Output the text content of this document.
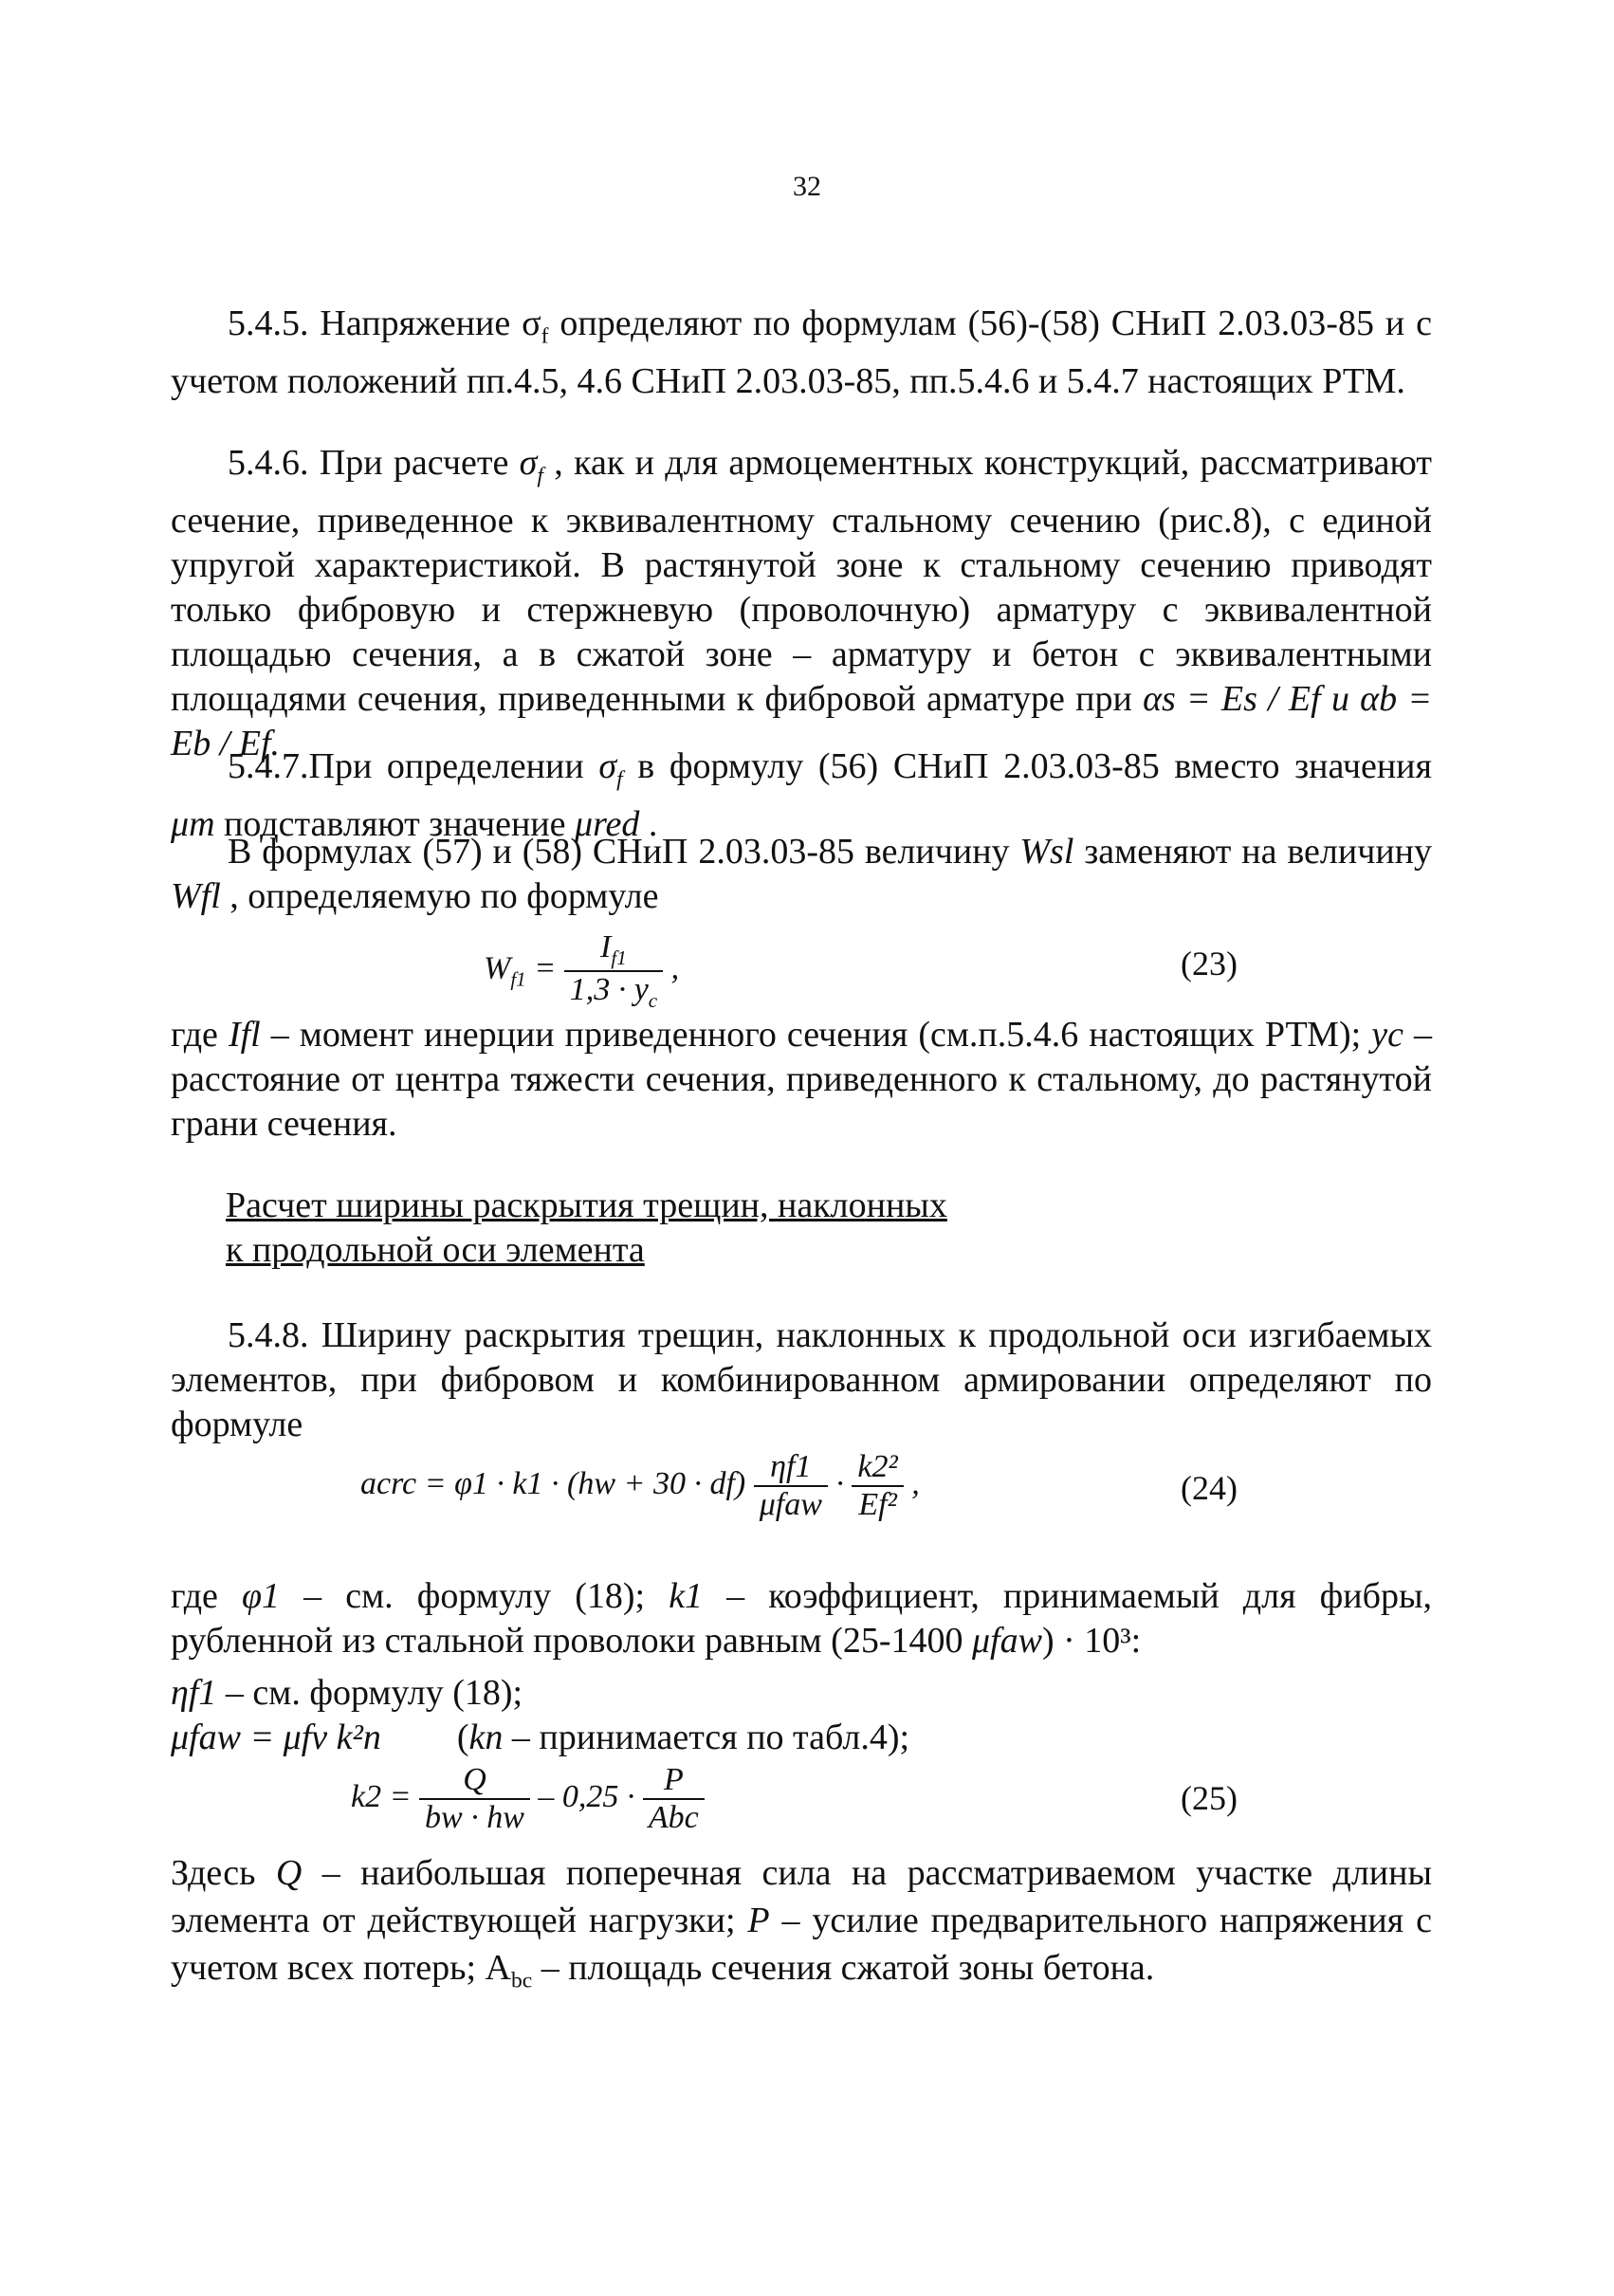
32

5.4.5. Напряжение $\sigma_f$ определяют по формулам (56)-(58) СНиП 2.03.03-85 и с учетом положений пп.4.5, 4.6 СНиП 2.03.03-85, пп.5.4.6 и 5.4.7 настоящих РТМ.

5.4.6. При расчете $\sigma_f$ , как и для армоцементных конструкций, рассматривают сечение, приведенное к эквивалентному стальному сечению (рис.8), с единой упругой характеристикой. В растянутой зоне к стальному сечению приводят только фибровую и стержневую (проволочную) арматуру с эквивалентной площадью сечения, а в сжатой зоне – арматуру и бетон с эквивалентными площадями сечения, приведенными к фибровой арматуре при αs = Es / Ef и αb = Eb / Ef.

5.4.7.При определении $\sigma_f$ в формулу (56) СНиП 2.03.03-85 вместо значения μm подставляют значение μred .

В формулах (57) и (58) СНиП 2.03.03-85 величину Wsl заменяют на величину Wfl , определяемую по формуле

$W_{f1} = \frac{I_{f1}}{1,3 \cdot y_c}$ ,	(23)

где Ifl – момент инерции приведенного сечения (см.п.5.4.6 настоящих РТМ); yc – расстояние от центра тяжести сечения, приведенного к стальному, до растянутой грани сечения.

Расчет ширины раскрытия трещин, наклонных
к продольной оси элемента

5.4.8. Ширину раскрытия трещин, наклонных к продольной оси изгибаемых элементов, при фибровом и комбинированном армировании определяют по формуле

acrc = $\varphi 1 \cdot k1 \cdot (hw + 30 \cdot df) \frac{\eta f1}{\text{μfaw}} \cdot \frac{\text{k2²}}{\text{Ef²}}$ ,	(24)

где φ1 – см. формулу (18); k1 – коэффициент, принимаемый для фибры, рубленной из стальной проволоки равным (25-1400 μfaw) · 10³:

ηf1 – см. формулу (18);

μfaw = μfv k²n (kn – принимается по табл.4);

$k2 = \frac{Q}{bw \cdot hw} - 0,25 \cdot \frac{P}{\text{Abc}}$	(25)

Здесь Q – наибольшая поперечная сила на рассматриваемом участке длины элемента от действующей нагрузки; P – усилие предварительного напряжения с учетом всех потерь; $A_{bc}$ – площадь сечения сжатой зоны бетона.
